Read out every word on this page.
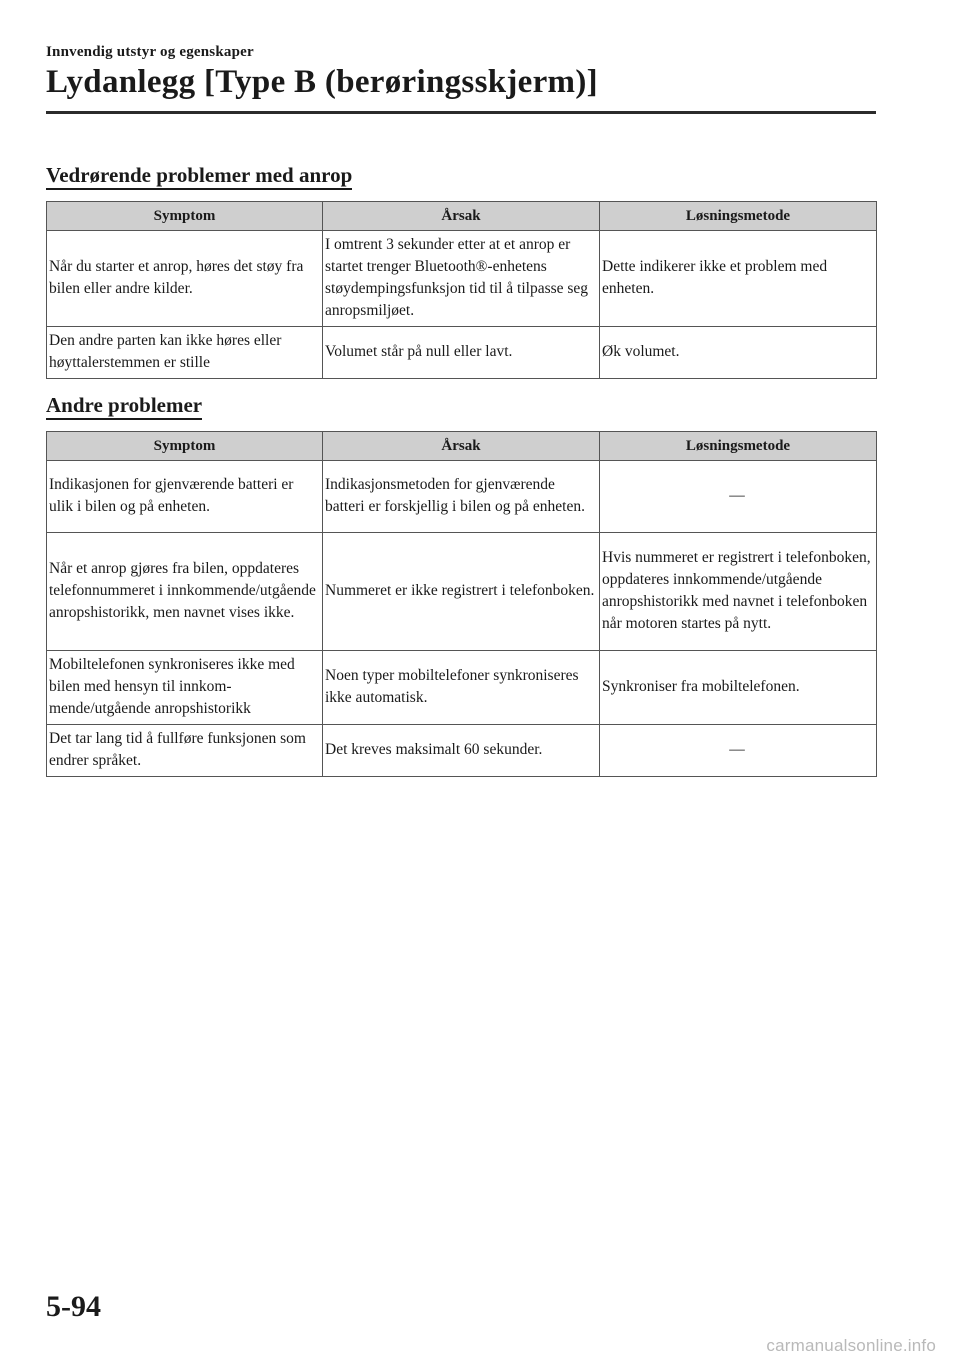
Innvendig utstyr og egenskaper
Lydanlegg [Type B (berøringsskjerm)]
Vedrørende problemer med anrop
Symptom	Årsak	Løsningsmetode
Når du starter et anrop, høres det støy fra bilen eller andre kilder.	I omtrent 3 sekunder etter at et anrop er startet trenger Bluetooth®-enhetens støydempingsfunksjon tid til å tilpasse seg anropsmiljøet.	Dette indikerer ikke et problem med enheten.
Den andre parten kan ikke høres eller høyttalerstemmen er stille	Volumet står på null eller lavt.	Øk volumet.
Andre problemer
Symptom	Årsak	Løsningsmetode
Indikasjonen for gjenværende batteri er ulik i bilen og på enheten.	Indikasjonsmetoden for gjenværende batteri er forskjellig i bilen og på enheten.	―
Når et anrop gjøres fra bilen, oppdateres telefonnummeret i innkommende/utgående anropshistorikk, men navnet vises ikke.	Nummeret er ikke registrert i telefonboken.	Hvis nummeret er registrert i telefonboken, oppdateres innkommende/utgående anropshistorikk med navnet i telefonboken når motoren startes på nytt.
Mobiltelefonen synkroniseres ikke med bilen med hensyn til innkommende/utgående anropshistorikk	Noen typer mobiltelefoner synkroniseres ikke automatisk.	Synkroniser fra mobiltelefonen.
Det tar lang tid å fullføre funksjonen som endrer språket.	Det kreves maksimalt 60 sekunder.	―
5-94
carmanualsonline.info
